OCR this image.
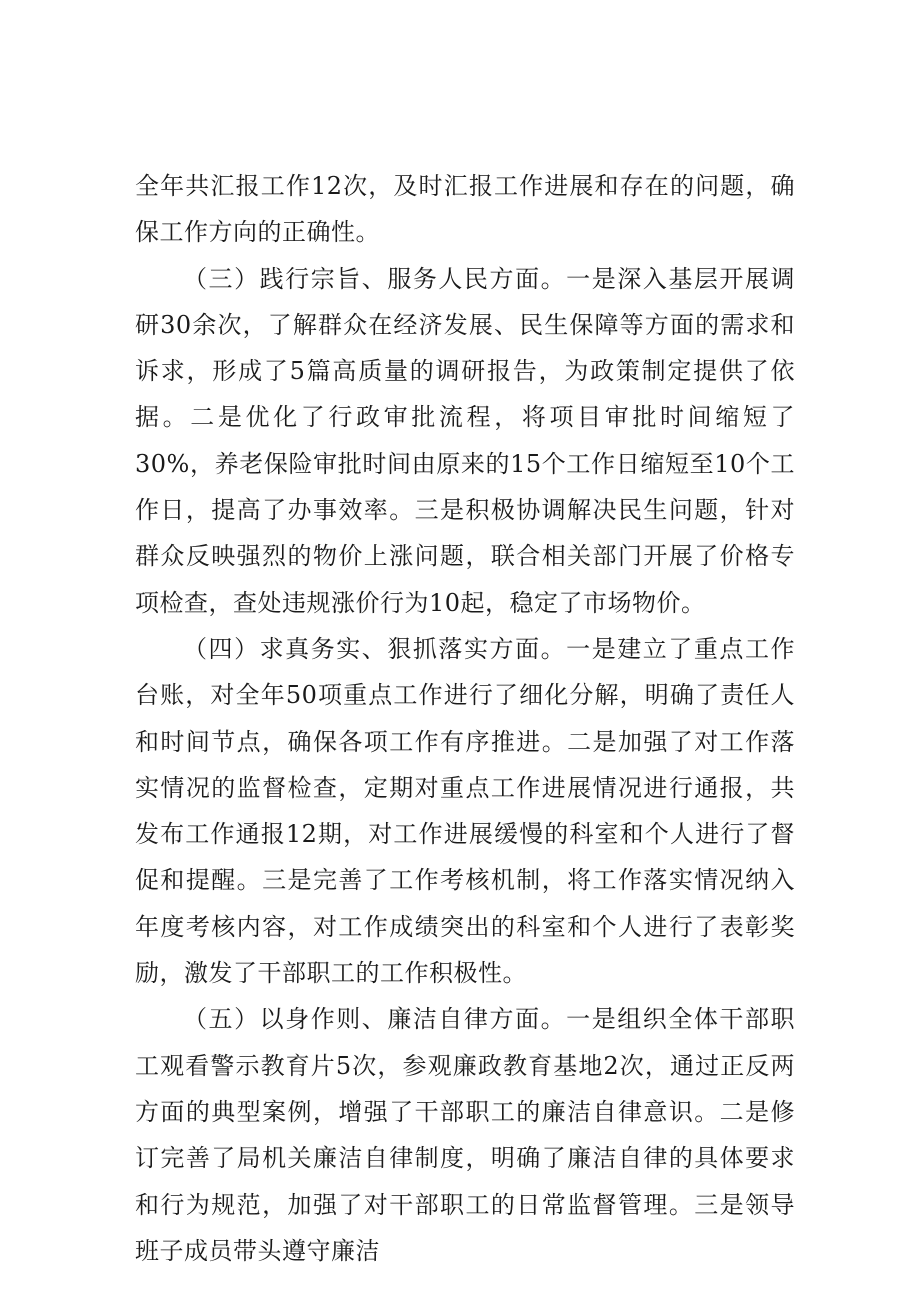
全年共汇报工作12次，及时汇报工作进展和存在的问题，确保工作方向的正确性。

（三）践行宗旨、服务人民方面。一是深入基层开展调研30余次，了解群众在经济发展、民生保障等方面的需求和诉求，形成了5篇高质量的调研报告，为政策制定提供了依据。二是优化了行政审批流程，将项目审批时间缩短了30%，养老保险审批时间由原来的15个工作日缩短至10个工作日，提高了办事效率。三是积极协调解决民生问题，针对群众反映强烈的物价上涨问题，联合相关部门开展了价格专项检查，查处违规涨价行为10起，稳定了市场物价。

（四）求真务实、狠抓落实方面。一是建立了重点工作台账，对全年50项重点工作进行了细化分解，明确了责任人和时间节点，确保各项工作有序推进。二是加强了对工作落实情况的监督检查，定期对重点工作进展情况进行通报，共发布工作通报12期，对工作进展缓慢的科室和个人进行了督促和提醒。三是完善了工作考核机制，将工作落实情况纳入年度考核内容，对工作成绩突出的科室和个人进行了表彰奖励，激发了干部职工的工作积极性。

（五）以身作则、廉洁自律方面。一是组织全体干部职工观看警示教育片5次，参观廉政教育基地2次，通过正反两方面的典型案例，增强了干部职工的廉洁自律意识。二是修订完善了局机关廉洁自律制度，明确了廉洁自律的具体要求和行为规范，加强了对干部职工的日常监督管理。三是领导班子成员带头遵守廉洁
